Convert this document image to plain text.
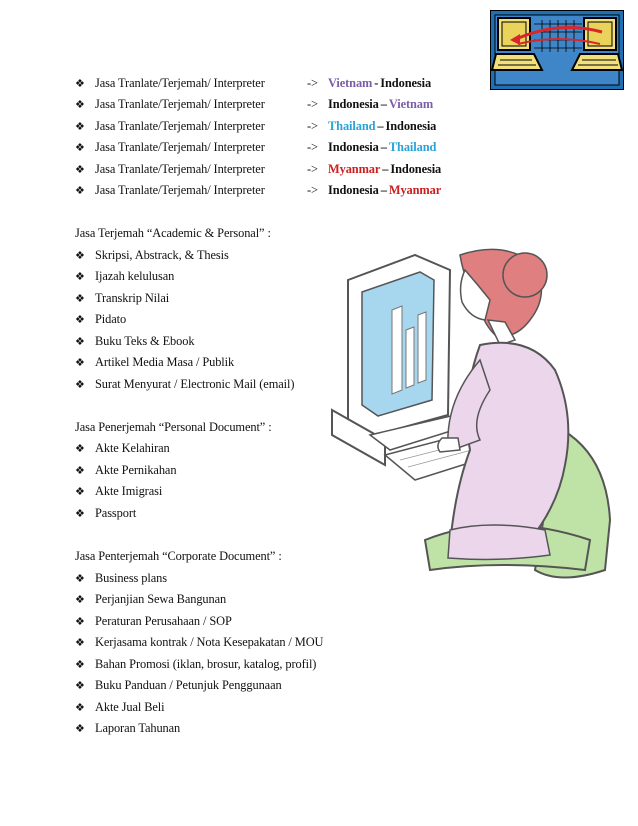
❖ Jasa Tranlate/Terjemah/ Interpreter	-> Vietnam - Indonesia
❖ Jasa Tranlate/Terjemah/ Interpreter	-> Indonesia – Vietnam
❖ Jasa Tranlate/Terjemah/ Interpreter	-> Thailand – Indonesia
❖ Jasa Tranlate/Terjemah/ Interpreter	-> Indonesia – Thailand
❖ Jasa Tranlate/Terjemah/ Interpreter	-> Myanmar – Indonesia
❖ Jasa Tranlate/Terjemah/ Interpreter	-> Indonesia – Myanmar
Jasa Terjemah “Academic & Personal” :
❖ Skripsi, Abstrack, & Thesis
❖ Ijazah kelulusan
❖ Transkrip Nilai
❖ Pidato
❖ Buku Teks & Ebook
❖ Artikel Media Masa / Publik
❖ Surat Menyurat / Electronic Mail (email)
Jasa Penerjemah “Personal Document” :
❖ Akte Kelahiran
❖ Akte Pernikahan
❖ Akte Imigrasi
❖ Passport
Jasa Penterjemah “Corporate Document” :
❖ Business plans
❖ Perjanjian Sewa Bangunan
❖ Peraturan Perusahaan / SOP
❖ Kerjasama kontrak / Nota Kesepakatan / MOU
❖ Bahan Promosi (iklan, brosur, katalog, profil)
❖ Buku Panduan / Petunjuk Penggunaan
❖ Akte Jual Beli
❖ Laporan Tahunan
